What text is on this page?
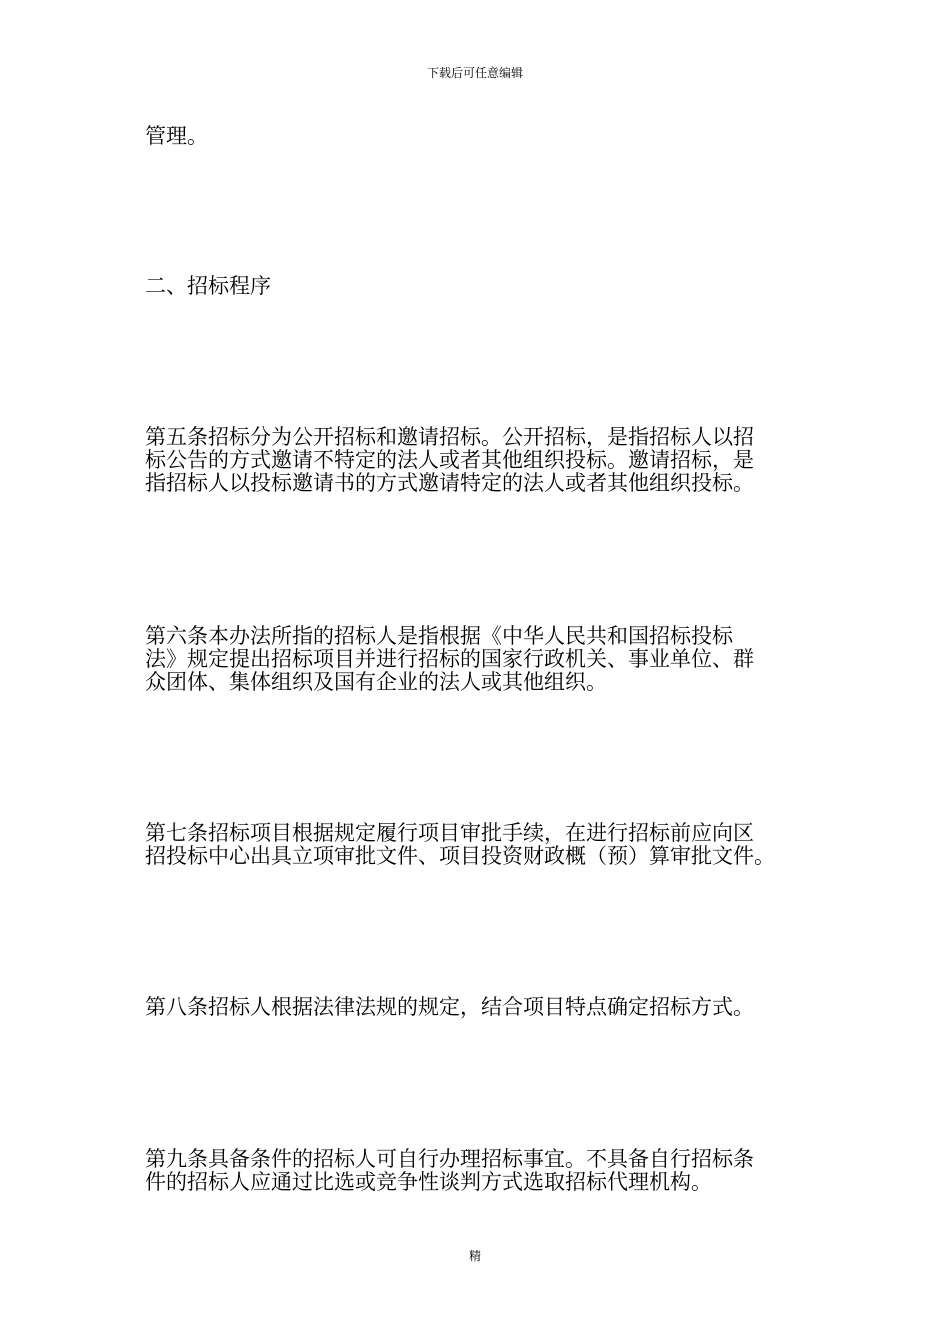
下载后可任意编辑
管理。
二、招标程序
第五条招标分为公开招标和邀请招标。公开招标，是指招标人以招
标公告的方式邀请不特定的法人或者其他组织投标。邀请招标，是
指招标人以投标邀请书的方式邀请特定的法人或者其他组织投标。
第六条本办法所指的招标人是指根据《中华人民共和国招标投标
法》规定提出招标项目并进行招标的国家行政机关、事业单位、群
众团体、集体组织及国有企业的法人或其他组织。
第七条招标项目根据规定履行项目审批手续，在进行招标前应向区
招投标中心出具立项审批文件、项目投资财政概（预）算审批文件。
第八条招标人根据法律法规的规定，结合项目特点确定招标方式。
第九条具备条件的招标人可自行办理招标事宜。不具备自行招标条
件的招标人应通过比选或竞争性谈判方式选取招标代理机构。
精
